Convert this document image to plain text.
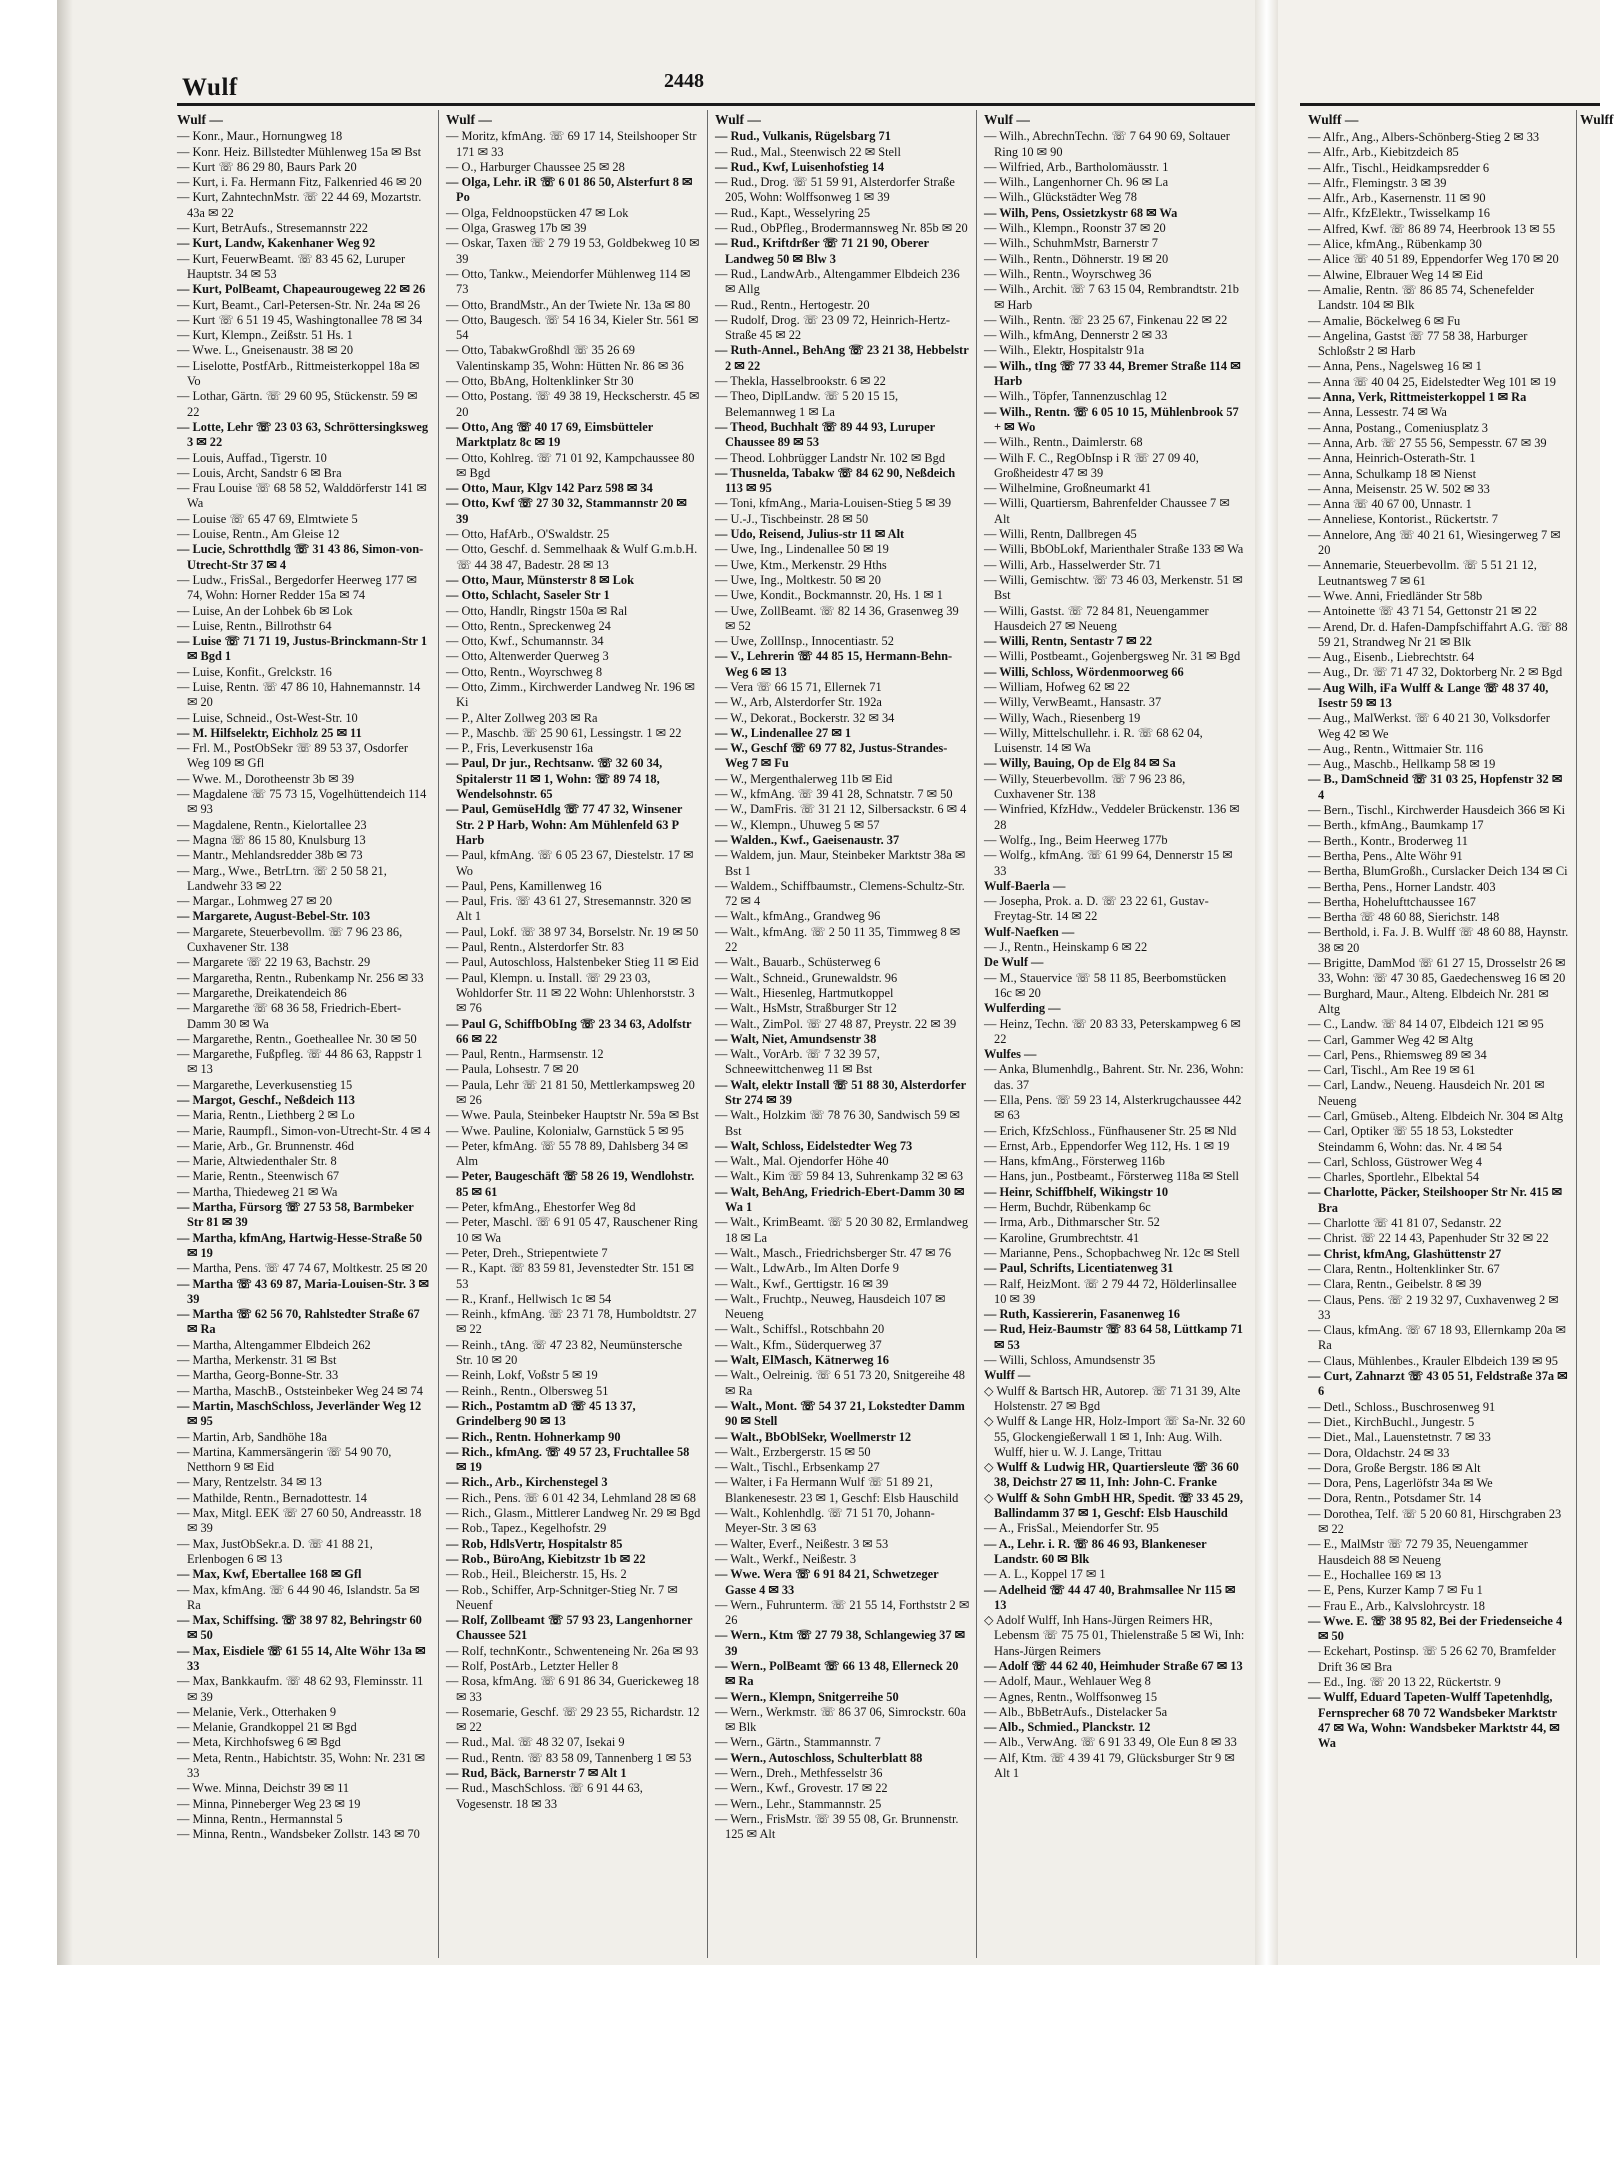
Wulf	2448
Wulf —

— Konr., Maur., Hornungweg 18

— Konr. Heiz. Billstedter Mühlenweg 15a ✉ Bst

— Kurt ☏ 86 29 80, Baurs Park 20

— Kurt, i. Fa. Hermann Fitz, Falkenried 46 ✉ 20

— Kurt, ZahntechnMstr. ☏ 22 44 69, Mozartstr. 43a ✉ 22

— Kurt, BetrAufs., Stresemannstr 222

— Kurt, Landw, Kakenhaner Weg 92

— Kurt, FeuerwBeamt. ☏ 83 45 62, Luruper Hauptstr. 34 ✉ 53

— Kurt, PolBeamt, Chapeaurougeweg 22 ✉ 26

— Kurt, Beamt., Carl-Petersen-Str. Nr. 24a ✉ 26

— Kurt ☏ 6 51 19 45, Washingtonallee 78 ✉ 34

— Kurt, Klempn., Zeißstr. 51 Hs. 1

— Wwe. L., Gneisenaustr. 38 ✉ 20

— Liselotte, PostfArb., Rittmeisterkoppel 18a ✉ Vo

— Lothar, Gärtn. ☏ 29 60 95, Stückenstr. 59 ✉ 22

— Lotte, Lehr ☏ 23 03 63, Schröttersingksweg 3 ✉ 22

— Louis, Auffad., Tigerstr. 10

— Louis, Archt, Sandstr 6 ✉ Bra

— Frau Louise ☏ 68 58 52, Walddörferstr 141 ✉ Wa

— Louise ☏ 65 47 69, Elmtwiete 5

— Louise, Rentn., Am Gleise 12

— Lucie, Schrotthdlg ☏ 31 43 86, Simon-von-Utrecht-Str 37 ✉ 4

— Ludw., FrisSal., Bergedorfer Heerweg 177 ✉ 74, Wohn: Horner Redder 15a ✉ 74

— Luise, An der Lohbek 6b ✉ Lok

— Luise, Rentn., Billrothstr 64

— Luise ☏ 71 71 19, Justus-Brinckmann-Str 1 ✉ Bgd 1

— Luise, Konfit., Grelckstr. 16

— Luise, Rentn. ☏ 47 86 10, Hahnemannstr. 14 ✉ 20

— Luise, Schneid., Ost-West-Str. 10

— M. Hilfselektr, Eichholz 25 ✉ 11

— Frl. M., PostObSekr ☏ 89 53 37, Osdorfer Weg 109 ✉ Gfl

— Wwe. M., Dorotheenstr 3b ✉ 39

— Magdalene ☏ 75 73 15, Vogelhüttendeich 114 ✉ 93

— Magdalene, Rentn., Kielortallee 23

— Magna ☏ 86 15 80, Knulsburg 13

— Mantr., Mehlandsredder 38b ✉ 73

— Marg., Wwe., BetrLtrn. ☏ 2 50 58 21, Landwehr 33 ✉ 22

— Margar., Lohmweg 27 ✉ 20

— Margarete, August-Bebel-Str. 103

— Margarete, Steuerbevollm. ☏ 7 96 23 86, Cuxhavener Str. 138

— Margarete ☏ 22 19 63, Bachstr. 29

— Margaretha, Rentn., Rubenkamp Nr. 256 ✉ 33

— Margarethe, Dreikatendeich 86

— Margarethe ☏ 68 36 58, Friedrich-Ebert-Damm 30 ✉ Wa

— Margarethe, Rentn., Goetheallee Nr. 30 ✉ 50

— Margarethe, Fußpfleg. ☏ 44 86 63, Rappstr 1 ✉ 13

— Margarethe, Leverkusenstieg 15

— Margot, Geschf., Neßdeich 113

— Maria, Rentn., Liethberg 2 ✉ Lo

— Marie, Raumpfl., Simon-von-Utrecht-Str. 4 ✉ 4

— Marie, Arb., Gr. Brunnenstr. 46d

— Marie, Altwiedenthaler Str. 8

— Marie, Rentn., Steenwisch 67

— Martha, Thiedeweg 21 ✉ Wa

— Martha, Fürsorg ☏ 27 53 58, Barmbeker Str 81 ✉ 39

— Martha, kfmAng, Hartwig-Hesse-Straße 50 ✉ 19

— Martha, Pens. ☏ 47 74 67, Moltkestr. 25 ✉ 20

— Martha ☏ 43 69 87, Maria-Louisen-Str. 3 ✉ 39

— Martha ☏ 62 56 70, Rahlstedter Straße 67 ✉ Ra

— Martha, Altengammer Elbdeich 262

— Martha, Merkenstr. 31 ✉ Bst

— Martha, Georg-Bonne-Str. 33

— Martha, MaschB., Oststeinbeker Weg 24 ✉ 74

— Martin, MaschSchloss, Jeverländer Weg 12 ✉ 95

— Martin, Arb, Sandhöhe 18a

— Martina, Kammersängerin ☏ 54 90 70, Netthorn 9 ✉ Eid

— Mary, Rentzelstr. 34 ✉ 13

— Mathilde, Rentn., Bernadottestr. 14

— Max, Mitgl. EEK ☏ 27 60 50, Andreasstr. 18 ✉ 39

— Max, JustObSekr.a. D. ☏ 41 88 21, Erlenbogen 6 ✉ 13

— Max, Kwf, Ebertallee 168 ✉ Gfl

— Max, kfmAng. ☏ 6 44 90 46, Islandstr. 5a ✉ Ra

— Max, Schiffsing. ☏ 38 97 82, Behringstr 60 ✉ 50

— Max, Eisdiele ☏ 61 55 14, Alte Wöhr 13a ✉ 33

— Max, Bankkaufm. ☏ 48 62 93, Fleminsstr. 11 ✉ 39

— Melanie, Verk., Otterhaken 9

— Melanie, Grandkoppel 21 ✉ Bgd

— Meta, Kirchhofsweg 6 ✉ Bgd

— Meta, Rentn., Habichtstr. 35, Wohn: Nr. 231 ✉ 33

— Wwe. Minna, Deichstr 39 ✉ 11

— Minna, Pinneberger Weg 23 ✉ 19

— Minna, Rentn., Hermannstal 5

— Minna, Rentn., Wandsbeker Zollstr. 143 ✉ 70

Wulf —

— Moritz, kfmAng. ☏ 69 17 14, Steilshooper Str 171 ✉ 33

— O., Harburger Chaussee 25 ✉ 28

— Olga, Lehr. iR ☏ 6 01 86 50, Alsterfurt 8 ✉ Po

— Olga, Feldnoopstücken 47 ✉ Lok

— Olga, Grasweg 17b ✉ 39

— Oskar, Taxen ☏ 2 79 19 53, Goldbekweg 10 ✉ 39

— Otto, Tankw., Meiendorfer Mühlenweg 114 ✉ 73

— Otto, BrandMstr., An der Twiete Nr. 13a ✉ 80

— Otto, Baugesch. ☏ 54 16 34, Kieler Str. 561 ✉ 54

— Otto, TabakwGroßhdl ☏ 35 26 69 Valentinskamp 35, Wohn: Hütten Nr. 86 ✉ 36

— Otto, BbAng, Holtenklinker Str 30

— Otto, Postang. ☏ 49 38 19, Heckscherstr. 45 ✉ 20

— Otto, Ang ☏ 40 17 69, Eimsbütteler Marktplatz 8c ✉ 19

— Otto, Kohlreg. ☏ 71 01 92, Kampchaussee 80 ✉ Bgd

— Otto, Maur, Klgv 142 Parz 598 ✉ 34

— Otto, Kwf ☏ 27 30 32, Stammannstr 20 ✉ 39

— Otto, HafArb., O'Swaldstr. 25

— Otto, Geschf. d. Semmelhaak & Wulf G.m.b.H. ☏ 44 38 47, Badestr. 28 ✉ 13

— Otto, Maur, Münsterstr 8 ✉ Lok

— Otto, Schlacht, Saseler Str 1

— Otto, Handlr, Ringstr 150a ✉ Ral

— Otto, Rentn., Spreckenweg 24

— Otto, Kwf., Schumannstr. 34

— Otto, Altenwerder Querweg 3

— Otto, Rentn., Woyrschweg 8

— Otto, Zimm., Kirchwerder Landweg Nr. 196 ✉ Ki

— P., Alter Zollweg 203 ✉ Ra

— P., Maschb. ☏ 25 90 61, Lessingstr. 1 ✉ 22

— P., Fris, Leverkusenstr 16a

— Paul, Dr jur., Rechtsanw. ☏ 32 60 34, Spitalerstr 11 ✉ 1, Wohn: ☏ 89 74 18, Wendelsohnstr. 65

— Paul, GemüseHdlg ☏ 77 47 32, Winsener Str. 2 P Harb, Wohn: Am Mühlenfeld 63 P Harb

— Paul, kfmAng. ☏ 6 05 23 67, Diestelstr. 17 ✉ Wo

— Paul, Pens, Kamillenweg 16

— Paul, Fris. ☏ 43 61 27, Stresemannstr. 320 ✉ Alt 1

— Paul, Lokf. ☏ 38 97 34, Borselstr. Nr. 19 ✉ 50

— Paul, Rentn., Alsterdorfer Str. 83

— Paul, Autoschloss, Halstenbeker Stieg 11 ✉ Eid

— Paul, Klempn. u. Install. ☏ 29 23 03, Wohldorfer Str. 11 ✉ 22 Wohn: Uhlenhorststr. 3 ✉ 76

— Paul G, SchiffbObIng ☏ 23 34 63, Adolfstr 66 ✉ 22

— Paul, Rentn., Harmsenstr. 12

— Paula, Lohsestr. 7 ✉ 20

— Paula, Lehr ☏ 21 81 50, Mettlerkampsweg 20 ✉ 26

— Wwe. Paula, Steinbeker Hauptstr Nr. 59a ✉ Bst

— Wwe. Pauline, Kolonialw, Garnstück 5 ✉ 95

— Peter, kfmAng. ☏ 55 78 89, Dahlsberg 34 ✉ Alm

— Peter, Baugeschäft ☏ 58 26 19, Wendlohstr. 85 ✉ 61

— Peter, kfmAng., Ehestorfer Weg 8d

— Peter, Maschl. ☏ 6 91 05 47, Rauschener Ring 10 ✉ Wa

— Peter, Dreh., Striepentwiete 7

— R., Kapt. ☏ 83 59 81, Jevenstedter Str. 151 ✉ 53

— R., Kranf., Hellwisch 1c ✉ 54

— Reinh., kfmAng. ☏ 23 71 78, Humboldtstr. 27 ✉ 22

— Reinh., tAng. ☏ 47 23 82, Neumünstersche Str. 10 ✉ 20

— Reinh, Lokf, Voßstr 5 ✉ 19

— Reinh., Rentn., Olbersweg 51

— Rich., Postamtm aD ☏ 45 13 37, Grindelberg 90 ✉ 13

— Rich., Rentn. Hohnerkamp 90

— Rich., kfmAng. ☏ 49 57 23, Fruchtallee 58 ✉ 19

— Rich., Arb., Kirchenstegel 3

— Rich., Pens. ☏ 6 01 42 34, Lehmland 28 ✉ 68

— Rich., Glasm., Mittlerer Landweg Nr. 29 ✉ Bgd

— Rob., Tapez., Kegelhofstr. 29

— Rob, HdlsVertr, Hospitalstr 85

— Rob., BüroAng, Kiebitzstr 1b ✉ 22

— Rob., Heil., Bleicherstr. 15, Hs. 2

— Rob., Schiffer, Arp-Schnitger-Stieg Nr. 7 ✉ Neuenf

— Rolf, Zollbeamt ☏ 57 93 23, Langenhorner Chaussee 521

— Rolf, technKontr., Schwenteneing Nr. 26a ✉ 93

— Rolf, PostArb., Letzter Heller 8

— Rosa, kfmAng. ☏ 6 91 86 34, Guerickeweg 18 ✉ 33

— Rosemarie, Geschf. ☏ 29 23 55, Richardstr. 12 ✉ 22

— Rud., Mal. ☏ 48 32 07, Isekai 9

— Rud., Rentn. ☏ 83 58 09, Tannenberg 1 ✉ 53

— Rud, Bäck, Barnerstr 7 ✉ Alt 1

— Rud., MaschSchloss. ☏ 6 91 44 63, Vogesenstr. 18 ✉ 33

Wulf —

— Rud., Vulkanis, Rügelsbarg 71

— Rud., Mal., Steenwisch 22 ✉ Stell

— Rud., Kwf, Luisenhofstieg 14

— Rud., Drog. ☏ 51 59 91, Alsterdorfer Straße 205, Wohn: Wolffsonweg 1 ✉ 39

— Rud., Kapt., Wesselyring 25

— Rud., ObPfleg., Brodermannsweg Nr. 85b ✉ 20

— Rud., Kriftdrßer ☏ 71 21 90, Oberer Landweg 50 ✉ Blw 3

— Rud., LandwArb., Altengammer Elbdeich 236 ✉ Allg

— Rud., Rentn., Hertogestr. 20

— Rudolf, Drog. ☏ 23 09 72, Heinrich-Hertz-Straße 45 ✉ 22

— Ruth-Annel., BehAng ☏ 23 21 38, Hebbelstr 2 ✉ 22

— Thekla, Hasselbrookstr. 6 ✉ 22

— Theo, DiplLandw. ☏ 5 20 15 15, Belemannweg 1 ✉ La

— Theod, Buchhalt ☏ 89 44 93, Luruper Chaussee 89 ✉ 53

— Theod. Lohbrügger Landstr Nr. 102 ✉ Bgd

— Thusnelda, Tabakw ☏ 84 62 90, Neßdeich 113 ✉ 95

— Toni, kfmAng., Maria-Louisen-Stieg 5 ✉ 39

— U.-J., Tischbeinstr. 28 ✉ 50

— Udo, Reisend, Julius-str 11 ✉ Alt

— Uwe, Ing., Lindenallee 50 ✉ 19

— Uwe, Ktm., Merkenstr. 29 Hths

— Uwe, Ing., Moltkestr. 50 ✉ 20

— Uwe, Kondit., Bockmannstr. 20, Hs. 1 ✉ 1

— Uwe, ZollBeamt. ☏ 82 14 36, Grasenweg 39 ✉ 52

— Uwe, ZollInsp., Innocentiastr. 52

— V., Lehrerin ☏ 44 85 15, Hermann-Behn-Weg 6 ✉ 13

— Vera ☏ 66 15 71, Ellernek 71

— W., Arb, Alsterdorfer Str. 192a

— W., Dekorat., Bockerstr. 32 ✉ 34

— W., Lindenallee 27 ✉ 1

— W., Geschf ☏ 69 77 82, Justus-Strandes-Weg 7 ✉ Fu

— W., Mergenthalerweg 11b ✉ Eid

— W., kfmAng. ☏ 39 41 28, Schnatstr. 7 ✉ 50

— W., DamFris. ☏ 31 21 12, Silbersackstr. 6 ✉ 4

— W., Klempn., Uhuweg 5 ✉ 57

— Walden., Kwf., Gaeisenaustr. 37

— Waldem, jun. Maur, Steinbeker Marktstr 38a ✉ Bst 1

— Waldem., Schiffbaumstr., Clemens-Schultz-Str. 72 ✉ 4

— Walt., kfmAng., Grandweg 96

— Walt., kfmAng. ☏ 2 50 11 35, Timmweg 8 ✉ 22

— Walt., Bauarb., Schüsterweg 6

— Walt., Schneid., Grunewaldstr. 96

— Walt., Hiesenleg, Hartmutkoppel

— Walt., HsMstr, Straßburger Str 12

— Walt., ZimPol. ☏ 27 48 87, Preystr. 22 ✉ 39

— Walt, Niet, Amundsenstr 38

— Walt., VorArb. ☏ 7 32 39 57, Schneewittchenweg 11 ✉ Bst

— Walt, elektr Install ☏ 51 88 30, Alsterdorfer Str 274 ✉ 39

— Walt., Holzkim ☏ 78 76 30, Sandwisch 59 ✉ Bst

— Walt, Schloss, Eidelstedter Weg 73

— Walt., Mal. Ojendorfer Höhe 40

— Walt., Kim ☏ 59 84 13, Suhrenkamp 32 ✉ 63

— Walt, BehAng, Friedrich-Ebert-Damm 30 ✉ Wa 1

— Walt., KrimBeamt. ☏ 5 20 30 82, Ermlandweg 18 ✉ La

— Walt., Masch., Friedrichsberger Str. 47 ✉ 76

— Walt., LdwArb., Im Alten Dorfe 9

— Walt., Kwf., Gerttigstr. 16 ✉ 39

— Walt., Fruchtp., Neuweg, Hausdeich 107 ✉ Neueng

— Walt., Schiffsl., Rotschbahn 20

— Walt., Kfm., Süderquerweg 37

— Walt, ElMasch, Kätnerweg 16

— Walt., Oelreinig. ☏ 6 51 73 20, Snitgereihe 48 ✉ Ra

— Walt., Mont. ☏ 54 37 21, Lokstedter Damm 90 ✉ Stell

— Walt., BbOblSekr, Woellmerstr 12

— Walt., Erzbergerstr. 15 ✉ 50

— Walt., Tischl., Erbsenkamp 27

— Walter, i Fa Hermann Wulf ☏ 51 89 21, Blankenesestr. 23 ✉ 1, Geschf: Elsb Hauschild

— Walt., Kohlenhdlg. ☏ 71 51 70, Johann-Meyer-Str. 3 ✉ 63

— Walter, Everf., Neißestr. 3 ✉ 53

— Walt., Werkf., Neißestr. 3

— Wwe. Wera ☏ 6 91 84 21, Schwetzeger Gasse 4 ✉ 33

— Wern., Fuhrunterm. ☏ 21 55 14, Forthststr 2 ✉ 26

— Wern., Ktm ☏ 27 79 38, Schlangewieg 37 ✉ 39

— Wern., PolBeamt ☏ 66 13 48, Ellerneck 20 ✉ Ra

— Wern., Klempn, Snitgerreihe 50

— Wern., Werkmstr. ☏ 86 37 06, Simrockstr. 60a ✉ Blk

— Wern., Gärtn., Stammannstr. 7

— Wern., Autoschloss, Schulterblatt 88

— Wern., Dreh., Methfesselstr 36

— Wern., Kwf., Grovestr. 17 ✉ 22

— Wern., Lehr., Stammannstr. 25

— Wern., FrisMstr. ☏ 39 55 08, Gr. Brunnenstr. 125 ✉ Alt

Wulf —

— Wilh., AbrechnTechn. ☏ 7 64 90 69, Soltauer Ring 10 ✉ 90

— Wilfried, Arb., Bartholomäusstr. 1

— Wilh., Langenhorner Ch. 96 ✉ La

— Wilh., Glückstädter Weg 78

— Wilh, Pens, Ossietzkystr 68 ✉ Wa

— Wilh., Klempn., Roonstr 37 ✉ 20

— Wilh., SchuhmMstr, Barnerstr 7

— Wilh., Rentn., Döhnerstr. 19 ✉ 20

— Wilh., Rentn., Woyrschweg 36

— Wilh., Archit. ☏ 7 63 15 04, Rembrandtstr. 21b ✉ Harb

— Wilh., Rentn. ☏ 23 25 67, Finkenau 22 ✉ 22

— Wilh., kfmAng, Dennerstr 2 ✉ 33

— Wilh., Elektr, Hospitalstr 91a

— Wilh., tIng ☏ 77 33 44, Bremer Straße 114 ✉ Harb

— Wilh., Töpfer, Tannenzuschlag 12

— Wilh., Rentn. ☏ 6 05 10 15, Mühlenbrook 57 + ✉ Wo

— Wilh., Rentn., Daimlerstr. 68

— Wilh F. C., RegObInsp i R ☏ 27 09 40, Großheidestr 47 ✉ 39

— Wilhelmine, Großneumarkt 41

— Willi, Quartiersm, Bahrenfelder Chaussee 7 ✉ Alt

— Willi, Rentn, Dallbregen 45

— Willi, BbObLokf, Marienthaler Straße 133 ✉ Wa

— Willi, Arb., Hasselwerder Str. 71

— Willi, Gemischtw. ☏ 73 46 03, Merkenstr. 51 ✉ Bst

— Willi, Gastst. ☏ 72 84 81, Neuengammer Hausdeich 27 ✉ Neueng

— Willi, Rentn, Sentastr 7 ✉ 22

— Willi, Postbeamt., Gojenbergsweg Nr. 31 ✉ Bgd

— Willi, Schloss, Wördenmoorweg 66

— William, Hofweg 62 ✉ 22

— Willy, VerwBeamt., Hansastr. 37

— Willy, Wach., Riesenberg 19

— Willy, Mittelschullehr. i. R. ☏ 68 62 04, Luisenstr. 14 ✉ Wa

— Willy, Bauing, Op de Elg 84 ✉ Sa

— Willy, Steuerbevollm. ☏ 7 96 23 86, Cuxhavener Str. 138

— Winfried, KfzHdw., Veddeler Brückenstr. 136 ✉ 28

— Wolfg., Ing., Beim Heerweg 177b

— Wolfg., kfmAng. ☏ 61 99 64, Dennerstr 15 ✉ 33

Wulf-Baerla —

— Josepha, Prok. a. D. ☏ 23 22 61, Gustav-Freytag-Str. 14 ✉ 22

Wulf-Naefken —

— J., Rentn., Heinskamp 6 ✉ 22

De Wulf —

— M., Stauervice ☏ 58 11 85, Beerbomstücken 16c ✉ 20

Wulferding —

— Heinz, Techn. ☏ 20 83 33, Peterskampweg 6 ✉ 22

Wulfes —

— Anka, Blumenhdlg., Bahrent. Str. Nr. 236, Wohn: das. 37

— Ella, Pens. ☏ 59 23 14, Alsterkrugchaussee 442 ✉ 63

— Erich, KfzSchloss., Fünfhausener Str. 25 ✉ Nld

— Ernst, Arb., Eppendorfer Weg 112, Hs. 1 ✉ 19

— Hans, kfmAng., Försterweg 116b

— Hans, jun., Postbeamt., Försterweg 118a ✉ Stell

— Heinr, Schiffbhelf, Wikingstr 10

— Herm, Buchdr, Rübenkamp 6c

— Irma, Arb., Dithmarscher Str. 52

— Karoline, Grumbrechtstr. 41

— Marianne, Pens., Schopbachweg Nr. 12c ✉ Stell

— Paul, Schrifts, Licentiatenweg 31

— Ralf, HeizMont. ☏ 2 79 44 72, Hölderlinsallee 10 ✉ 39

— Ruth, Kassiererin, Fasanenweg 16

— Rud, Heiz-Baumstr ☏ 83 64 58, Lüttkamp 71 ✉ 53

— Willi, Schloss, Amundsenstr 35

Wulff —

◇ Wulff & Bartsch HR, Autorep. ☏ 71 31 39, Alte Holstenstr. 27 ✉ Bgd

◇ Wulff & Lange HR, Holz-Import ☏ Sa-Nr. 32 60 55, Glockengießerwall 1 ✉ 1, Inh: Aug. Wilh. Wulff, hier u. W. J. Lange, Trittau

◇ Wulff & Ludwig HR, Quartiersleute ☏ 36 60 38, Deichstr 27 ✉ 11, Inh: John-C. Franke

◇ Wulff & Sohn GmbH HR, Spedit. ☏ 33 45 29, Ballindamm 37 ✉ 1, Geschf: Elsb Hauschild

— A., FrisSal., Meiendorfer Str. 95

— A., Lehr. i. R. ☏ 86 46 93, Blankeneser Landstr. 60 ✉ Blk

— A. L., Koppel 17 ✉ 1

— Adelheid ☏ 44 47 40, Brahmsallee Nr 115 ✉ 13

◇ Adolf Wulff, Inh Hans-Jürgen Reimers HR, Lebensm ☏ 75 75 01, Thielenstraße 5 ✉ Wi, Inh: Hans-Jürgen Reimers

— Adolf ☏ 44 62 40, Heimhuder Straße 67 ✉ 13

— Adolf, Maur., Wehlauer Weg 8

— Agnes, Rentn., Wolffsonweg 15

— Alb., BbBetrAufs., Distelacker 5a

— Alb., Schmied., Planckstr. 12

— Alb., VerwAng. ☏ 6 91 33 49, Ole Eun 8 ✉ 33

— Alf, Ktm. ☏ 4 39 41 79, Glücksburger Str 9 ✉ Alt 1

Wulff —

— Alfr., Ang., Albers-Schönberg-Stieg 2 ✉ 33

— Alfr., Arb., Kiebitzdeich 85

— Alfr., Tischl., Heidkampsredder 6

— Alfr., Flemingstr. 3 ✉ 39

— Alfr., Arb., Kasernenstr. 11 ✉ 90

— Alfr., KfzElektr., Twisselkamp 16

— Alfred, Kwf. ☏ 86 89 74, Heerbrook 13 ✉ 55

— Alice, kfmAng., Rübenkamp 30

— Alice ☏ 40 51 89, Eppendorfer Weg 170 ✉ 20

— Alwine, Elbrauer Weg 14 ✉ Eid

— Amalie, Rentn. ☏ 86 85 74, Schenefelder Landstr. 104 ✉ Blk

— Amalie, Böckelweg 6 ✉ Fu

— Angelina, Gastst ☏ 77 58 38, Harburger Schloßstr 2 ✉ Harb

— Anna, Pens., Nagelsweg 16 ✉ 1

— Anna ☏ 40 04 25, Eidelstedter Weg 101 ✉ 19

— Anna, Verk, Rittmeisterkoppel 1 ✉ Ra

— Anna, Lessestr. 74 ✉ Wa

— Anna, Postang., Comeniusplatz 3

— Anna, Arb. ☏ 27 55 56, Sempesstr. 67 ✉ 39

— Anna, Heinrich-Osterath-Str. 1

— Anna, Schulkamp 18 ✉ Nienst

— Anna, Meisenstr. 25 W. 502 ✉ 33

— Anna ☏ 40 67 00, Unnastr. 1

— Anneliese, Kontorist., Rückertstr. 7

— Annelore, Ang ☏ 40 21 61, Wiesingerweg 7 ✉ 20

— Annemarie, Steuerbevollm. ☏ 5 51 21 12, Leutnantsweg 7 ✉ 61

— Wwe. Anni, Friedländer Str 58b

— Antoinette ☏ 43 71 54, Gettonstr 21 ✉ 22

— Arend, Dr. d. Hafen-Dampfschiffahrt A.G. ☏ 88 59 21, Strandweg Nr 21 ✉ Blk

— Aug., Eisenb., Liebrechtstr. 64

— Aug., Dr. ☏ 71 47 32, Doktorberg Nr. 2 ✉ Bgd

— Aug Wilh, iFa Wulff & Lange ☏ 48 37 40, Isestr 59 ✉ 13

— Aug., MalWerkst. ☏ 6 40 21 30, Volksdorfer Weg 42 ✉ We

— Aug., Rentn., Wittmaier Str. 116

— Aug., Maschb., Hellkamp 58 ✉ 19

— B., DamSchneid ☏ 31 03 25, Hopfenstr 32 ✉ 4

— Bern., Tischl., Kirchwerder Hausdeich 366 ✉ Ki

— Berth., kfmAng., Baumkamp 17

— Berth., Kontr., Broderweg 11

— Bertha, Pens., Alte Wöhr 91

— Bertha, BlumGroßh., Curslacker Deich 134 ✉ Ci

— Bertha, Pens., Horner Landstr. 403

— Bertha, Hohelufttchaussee 167

— Bertha ☏ 48 60 88, Sierichstr. 148

— Berthold, i. Fa. J. B. Wulff ☏ 48 60 88, Haynstr. 38 ✉ 20

— Brigitte, DamMod ☏ 61 27 15, Drosselstr 26 ✉ 33, Wohn: ☏ 47 30 85, Gaedechensweg 16 ✉ 20

— Burghard, Maur., Alteng. Elbdeich Nr. 281 ✉ Altg

— C., Landw. ☏ 84 14 07, Elbdeich 121 ✉ 95

— Carl, Gammer Weg 42 ✉ Altg

— Carl, Pens., Rhiemsweg 89 ✉ 34

— Carl, Tischl., Am Ree 19 ✉ 61

— Carl, Landw., Neueng. Hausdeich Nr. 201 ✉ Neueng

— Carl, Gmüseb., Alteng. Elbdeich Nr. 304 ✉ Altg

— Carl, Optiker ☏ 55 18 53, Lokstedter Steindamm 6, Wohn: das. Nr. 4 ✉ 54

— Carl, Schloss, Güstrower Weg 4

— Charles, Sportlehr., Elbektal 54

— Charlotte, Päcker, Steilshooper Str Nr. 415 ✉ Bra

— Charlotte ☏ 41 81 07, Sedanstr. 22

— Christ. ☏ 22 14 43, Papenhuder Str 32 ✉ 22

— Christ, kfmAng, Glashüttenstr 27

— Clara, Rentn., Holtenklinker Str. 67

— Clara, Rentn., Geibelstr. 8 ✉ 39

— Claus, Pens. ☏ 2 19 32 97, Cuxhavenweg 2 ✉ 33

— Claus, kfmAng. ☏ 67 18 93, Ellernkamp 20a ✉ Ra

— Claus, Mühlenbes., Krauler Elbdeich 139 ✉ 95

— Curt, Zahnarzt ☏ 43 05 51, Feldstraße 37a ✉ 6

— Detl., Schloss., Buschrosenweg 91

— Diet., KirchBuchl., Jungestr. 5

— Diet., Mal., Lauenstetnstr. 7 ✉ 33

— Dora, Oldachstr. 24 ✉ 33

— Dora, Große Bergstr. 186 ✉ Alt

— Dora, Pens, Lagerlöfstr 34a ✉ We

— Dora, Rentn., Potsdamer Str. 14

— Dorothea, Telf. ☏ 5 20 60 81, Hirschgraben 23 ✉ 22

— E., MalMstr ☏ 72 79 35, Neuengammer Hausdeich 88 ✉ Neueng

— E., Hochallee 169 ✉ 13

— E, Pens, Kurzer Kamp 7 ✉ Fu 1

— Frau E., Arb., Kalvslohrcystr. 18

— Wwe. E. ☏ 38 95 82, Bei der Friedenseiche 4 ✉ 50

— Eckehart, Postinsp. ☏ 5 26 62 70, Bramfelder Drift 36 ✉ Bra

— Ed., Ing. ☏ 20 13 22, Rückertstr. 9

— Wulff, Eduard Tapeten-Wulff Tapetenhdlg, Fernsprecher 68 70 72 Wandsbeker Marktstr 47 ✉ Wa, Wohn: Wandsbeker Marktstr 44, ✉ Wa

Wulff
